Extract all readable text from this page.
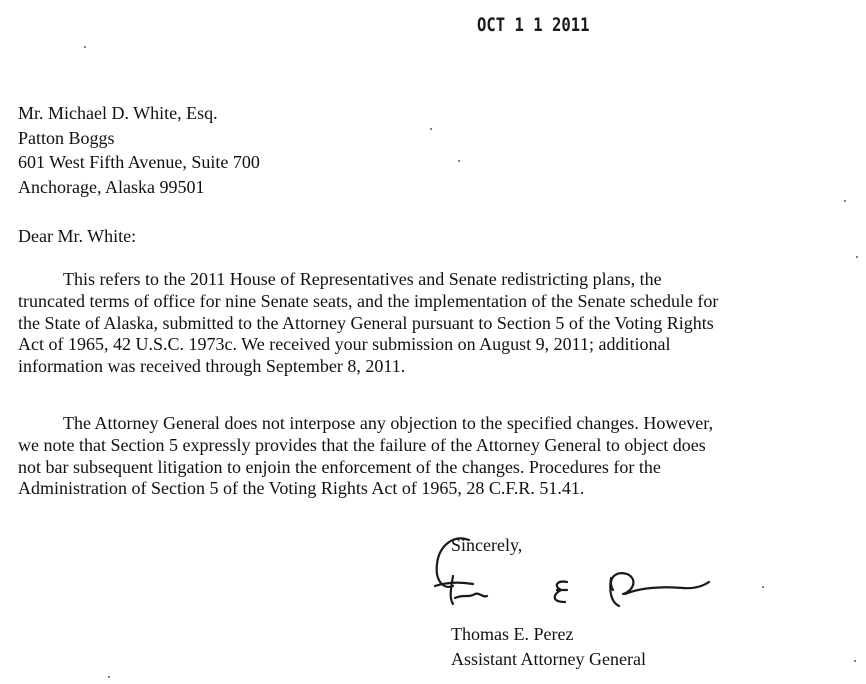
OCT 1 1 2011
Mr. Michael D. White, Esq.
Patton Boggs
601 West Fifth Avenue, Suite 700
Anchorage, Alaska 99501
Dear Mr. White:
This refers to the 2011 House of Representatives and Senate redistricting plans, the
truncated terms of office for nine Senate seats, and the implementation of the Senate schedule for
the State of Alaska, submitted to the Attorney General pursuant to Section 5 of the Voting Rights
Act of 1965, 42 U.S.C. 1973c. We received your submission on August 9, 2011; additional
information was received through September 8, 2011.
The Attorney General does not interpose any objection to the specified changes. However,
we note that Section 5 expressly provides that the failure of the Attorney General to object does
not bar subsequent litigation to enjoin the enforcement of the changes. Procedures for the
Administration of Section 5 of the Voting Rights Act of 1965, 28 C.F.R. 51.41.
Sincerely,
Thomas E. Perez
Thomas E. Perez
Assistant Attorney General
